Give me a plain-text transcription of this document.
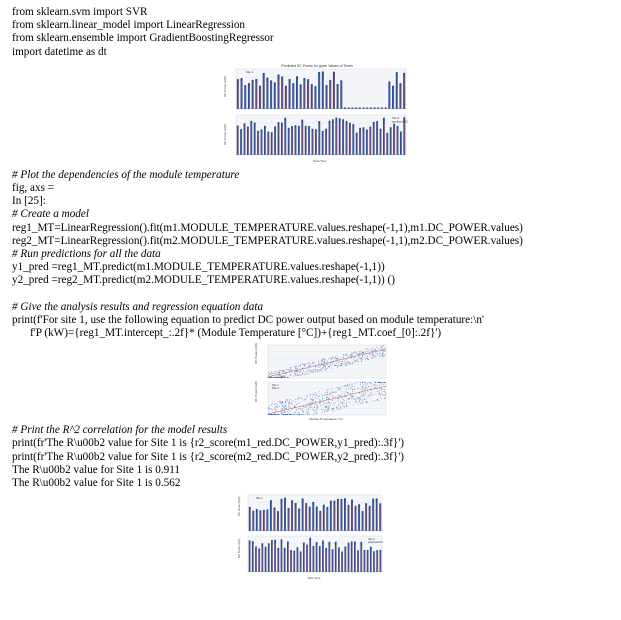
from sklearn.svm import SVR
from sklearn.linear_model import LinearRegression
from sklearn.ensemble import GradientBoostingRegressor
import datetime as dt
Predicted DC Power for given Values of Times
DC Power (kW)
DC Power (kW)
Date/Time
Site 1
Site 2
predicted DC
# Plot the dependencies of the module temperature
fig, axs =
In [25]:
# Create a model
reg1_MT=LinearRegression().fit(m1.MODULE_TEMPERATURE.values.reshape(-1,1),m1.DC_POWER.values)
reg2_MT=LinearRegression().fit(m2.MODULE_TEMPERATURE.values.reshape(-1,1),m2.DC_POWER.values)
# Run predictions for all the data
y1_pred =reg1_MT.predict(m1.MODULE_TEMPERATURE.values.reshape(-1,1))
y2_pred =reg2_MT.predict(m2.MODULE_TEMPERATURE.values.reshape(-1,1)) ()
# Give the analysis results and regression equation data
print(f'For site 1, use the following equation to predict DC power output based on module temperature:\n'
f'P (kW)={reg1_MT.intercept_:.2f}* (Module Temperature [°C])+{reg1_MT.coef_[0]:.2f}')
DC Power (kW)
DC Power (kW)
Module Temperature (°C)
Site 1
Site 2
# Print the R^2 correlation for the model results
print(fr'The R\u00b2 value for Site 1 is {r2_score(m1_red.DC_POWER,y1_pred):.3f}')
print(fr'The R\u00b2 value for Site 1 is {r2_score(m2_red.DC_POWER,y2_pred):.3f}')
The R\u00b2 value for Site 1 is 0.911
The R\u00b2 value for Site 1 is 0.562
DC Power (kW)
DC Power (kW)
Date Time
Site 1
Site 2
predicted DC
